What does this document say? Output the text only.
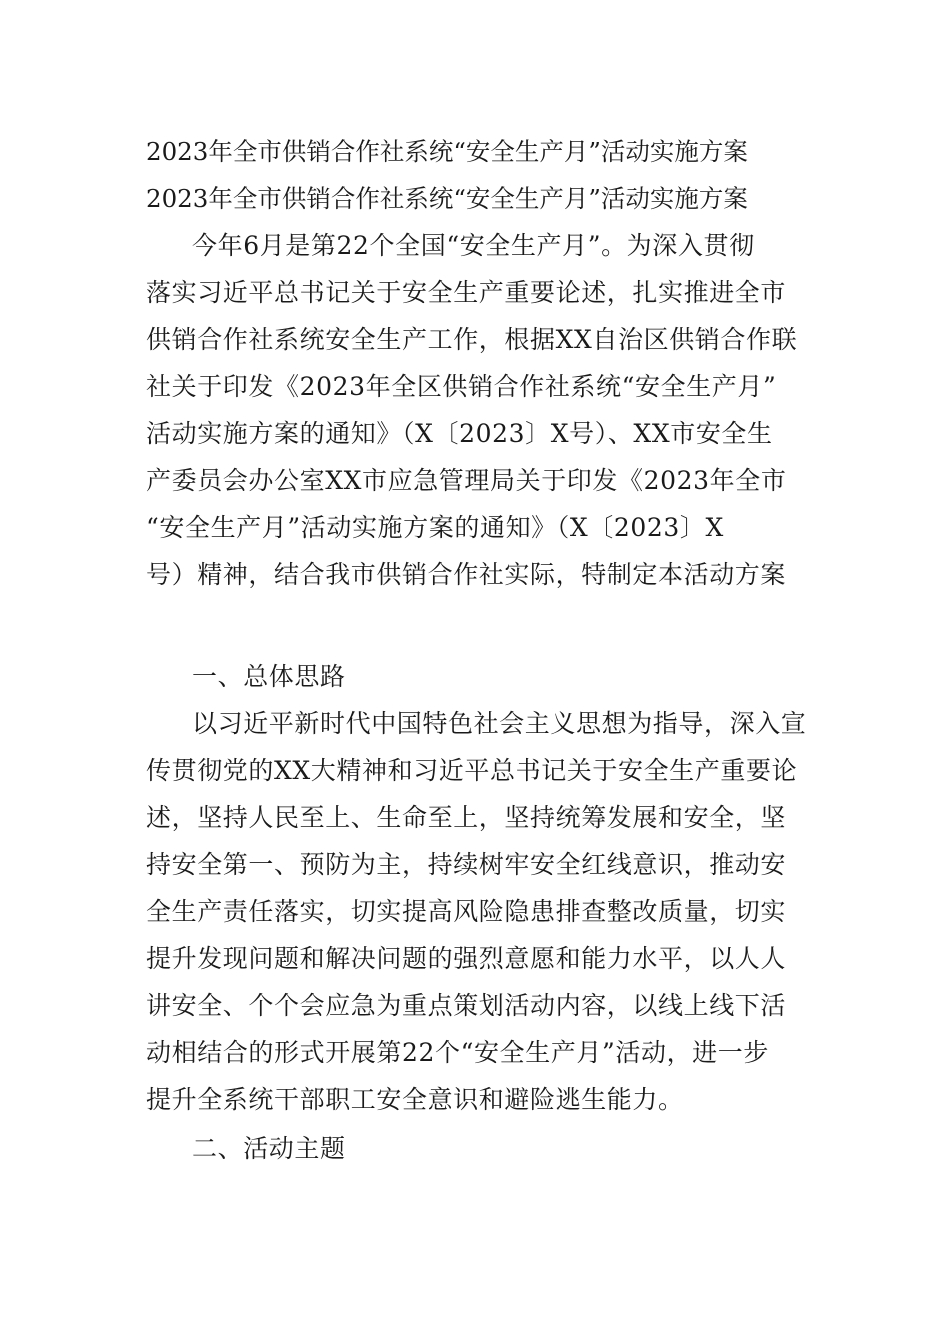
2023年全市供销合作社系统“安全生产月”活动实施方案

2023年全市供销合作社系统“安全生产月”活动实施方案

今年6月是第22个全国“安全生产月”。为深入贯彻

落实习近平总书记关于安全生产重要论述，扎实推进全市

供销合作社系统安全生产工作，根据XX自治区供销合作联

社关于印发《2023年全区供销合作社系统“安全生产月”

活动实施方案的通知》（X〔2023〕X号）、XX市安全生

产委员会办公室XX市应急管理局关于印发《2023年全市

“安全生产月”活动实施方案的通知》（X〔2023〕X

号）精神，结合我市供销合作社实际，特制定本活动方案

一、总体思路

以习近平新时代中国特色社会主义思想为指导，深入宣

传贯彻党的XX大精神和习近平总书记关于安全生产重要论

述，坚持人民至上、生命至上，坚持统筹发展和安全，坚

持安全第一、预防为主，持续树牢安全红线意识，推动安

全生产责任落实，切实提高风险隐患排查整改质量，切实

提升发现问题和解决问题的强烈意愿和能力水平，以人人

讲安全、个个会应急为重点策划活动内容，以线上线下活

动相结合的形式开展第22个“安全生产月”活动，进一步

提升全系统干部职工安全意识和避险逃生能力。

二、活动主题
